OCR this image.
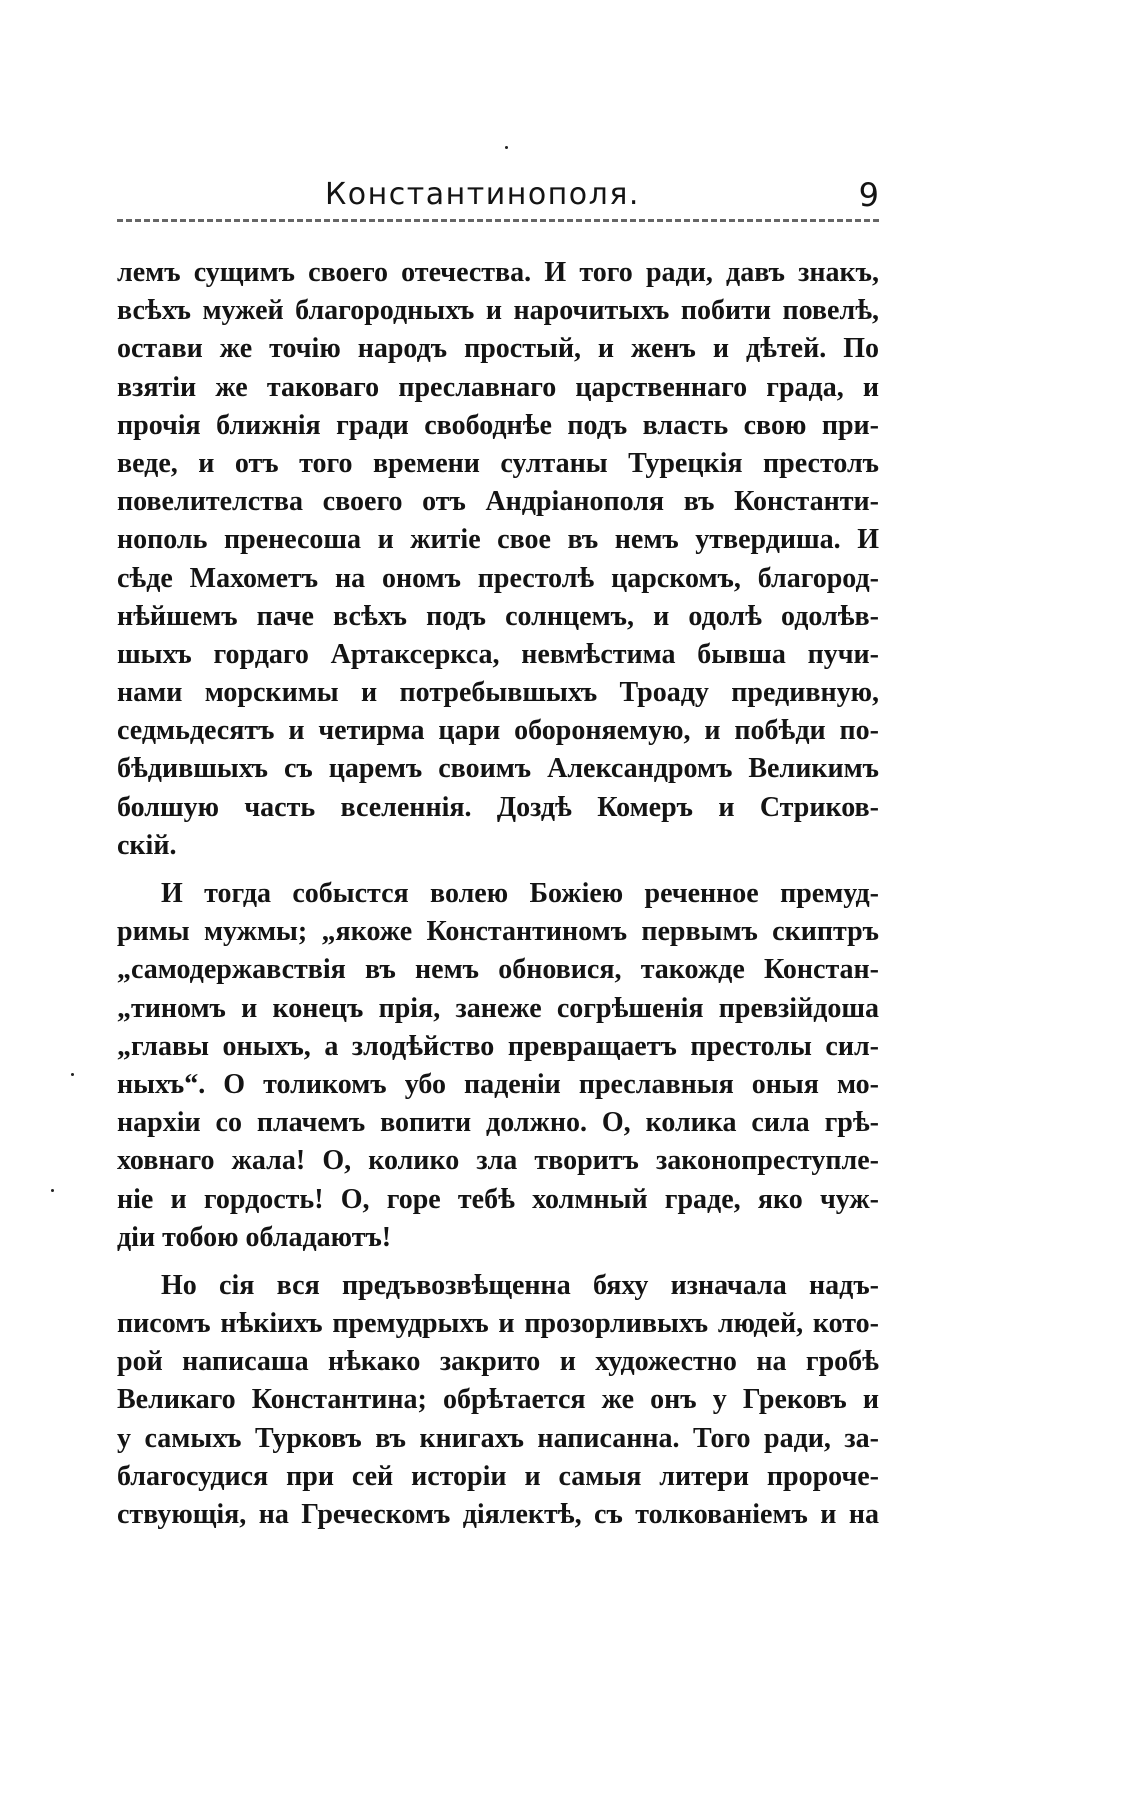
Константинополя.	9
лемъ сущимъ своего отечества. И того ради, давъ знакъ,
всѣхъ мужей благородныхъ и нарочитыхъ побити повелѣ,
остави же точію народъ простый, и женъ и дѣтей. По
взятіи же таковаго преславнаго царственнаго града, и
прочія ближнія гради свободнѣе подъ власть свою при-
веде, и отъ того времени султаны Турецкія престолъ
повелителства своего отъ Андріанополя въ Константи-
нополь пренесоша и житіе свое въ немъ утвердиша. И
сѣде Махометъ на ономъ престолѣ царскомъ, благород-
нѣйшемъ паче всѣхъ подъ солнцемъ, и одолѣ одолѣв-
шыхъ гордаго Артаксеркса, невмѣстима бывша пучи-
нами морскимы и потребывшыхъ Троаду предивную,
седмьдесятъ и четирма цари обороняемую, и побѣди по-
бѣдившыхъ съ царемъ своимъ Александромъ Великимъ
болшую часть вселеннія. Доздѣ Комеръ и Стриков-
скій.
И тогда собыстся волею Божіею реченное премуд-
римы мужмы; „якоже Константиномъ первымъ скиптръ
„самодержавствія въ немъ обновися, такожде Констан-
„тиномъ и конецъ прія, занеже согрѣшенія превзійдоша
„главы оныхъ, а злодѣйство превращаетъ престолы сил-
ныхъ“. О толикомъ убо паденіи преславныя оныя мо-
нархіи со плачемъ вопити должно. О, колика сила грѣ-
ховнаго жала! О, колико зла творитъ законопреступле-
ніе и гордость! О, горе тебѣ холмный граде, яко чуж-
діи тобою обладаютъ!
Но сія вся предъвозвѣщенна бяху изначала надъ-
писомъ нѣкіихъ премудрыхъ и прозорливыхъ людей, кото-
рой написаша нѣкако закрито и художестно на гробѣ
Великаго Константина; обрѣтается же онъ у Грековъ и
у самыхъ Турковъ въ книгахъ написанна. Того ради, за-
благосудися при сей исторіи и самыя литери пророче-
ствующія, на Греческомъ діялектѣ, съ толкованіемъ и на
